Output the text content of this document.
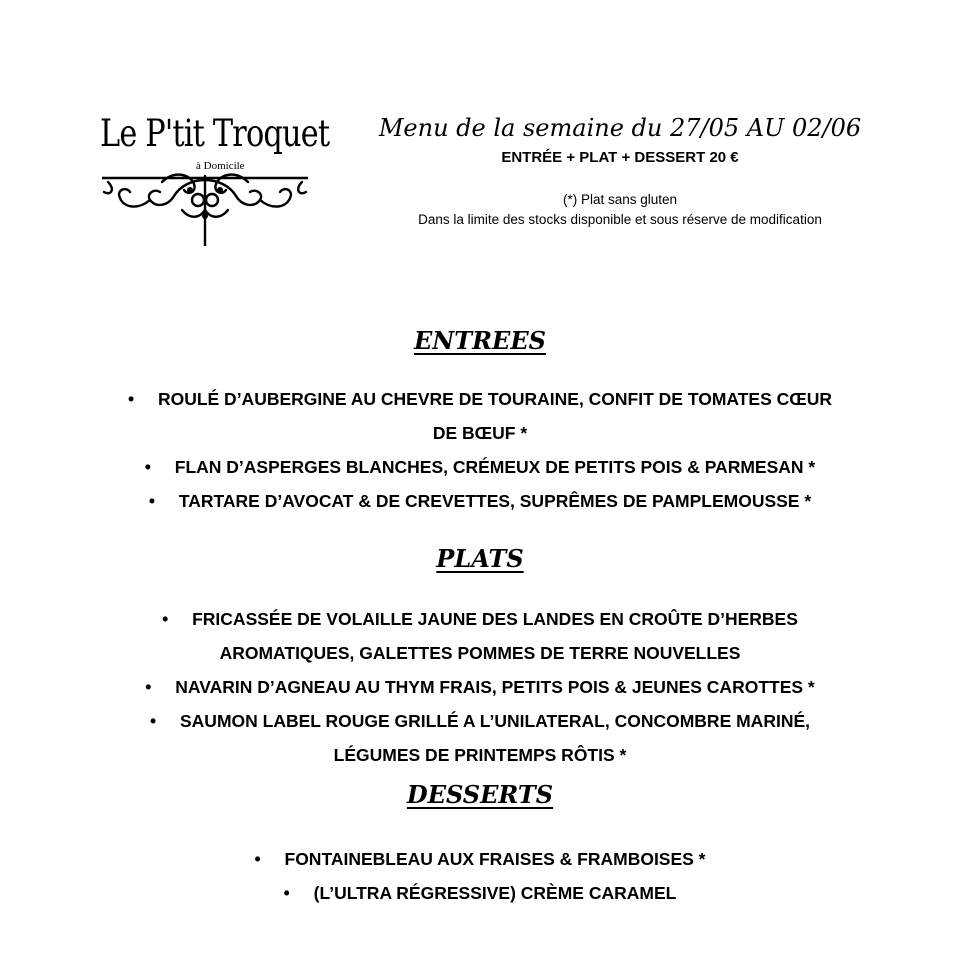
Le P'tit Troquet
à Domicile
Menu de la semaine du 27/05 AU 02/06
ENTRÉE + PLAT + DESSERT 20 €
(*) Plat sans gluten
Dans la limite des stocks disponible et sous réserve de modification
ENTREES
• ROULÉ D’AUBERGINE AU CHEVRE DE TOURAINE, CONFIT DE TOMATES CŒUR
DE BŒUF *
• FLAN D’ASPERGES BLANCHES, CRÉMEUX DE PETITS POIS & PARMESAN *
• TARTARE D’AVOCAT & DE CREVETTES, SUPRÊMES DE PAMPLEMOUSSE *
PLATS
• FRICASSÉE DE VOLAILLE JAUNE DES LANDES EN CROÛTE D’HERBES
AROMATIQUES, GALETTES POMMES DE TERRE NOUVELLES
• NAVARIN D’AGNEAU AU THYM FRAIS, PETITS POIS & JEUNES CAROTTES *
• SAUMON LABEL ROUGE GRILLÉ A L’UNILATERAL, CONCOMBRE MARINÉ,
LÉGUMES DE PRINTEMPS RÔTIS *
DESSERTS
• FONTAINEBLEAU AUX FRAISES & FRAMBOISES *
• (L’ULTRA RÉGRESSIVE) CRÈME CARAMEL
